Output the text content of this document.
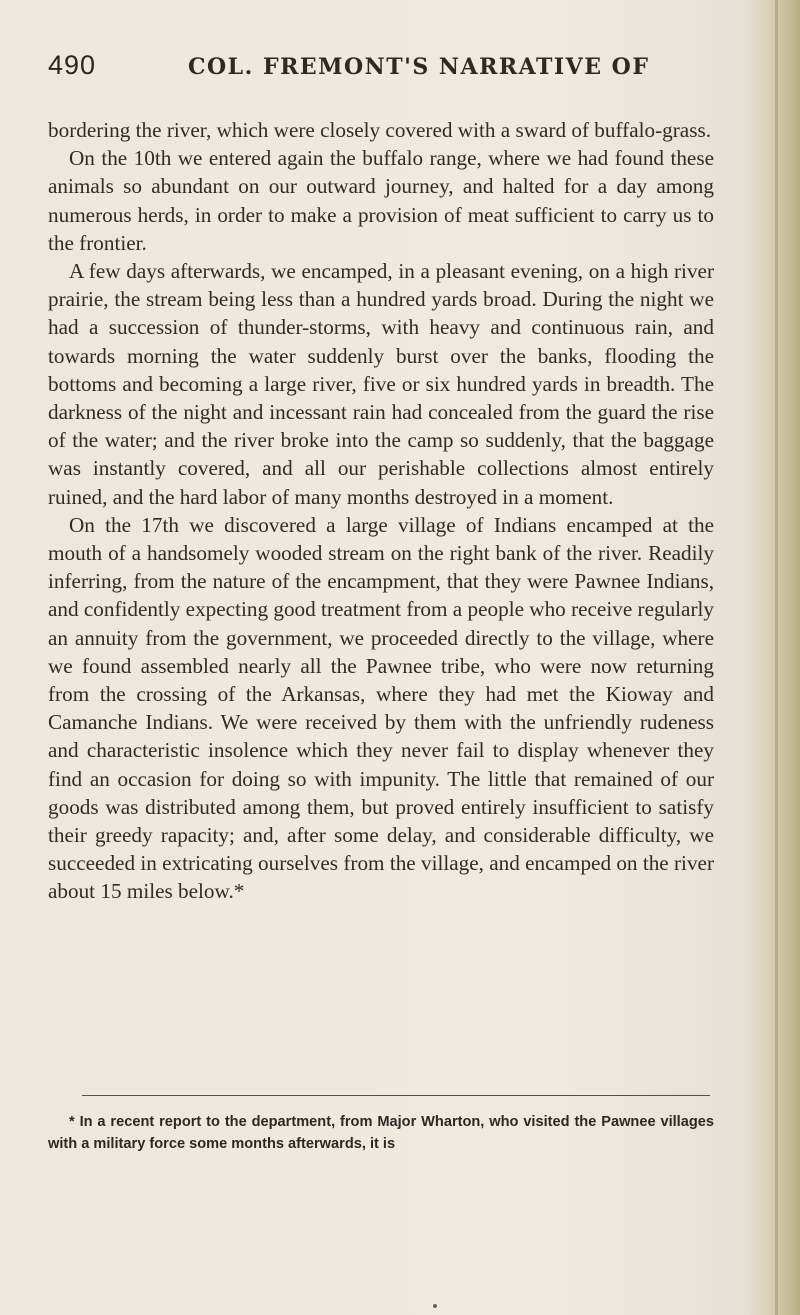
490	COL. FREMONT'S NARRATIVE OF

bordering the river, which were closely covered with a sward of buffalo-grass.

On the 10th we entered again the buffalo range, where we had found these animals so abundant on our outward journey, and halted for a day among numerous herds, in order to make a provision of meat sufficient to carry us to the frontier.

A few days afterwards, we encamped, in a pleasant evening, on a high river prairie, the stream being less than a hundred yards broad. During the night we had a succession of thunder-storms, with heavy and continuous rain, and towards morning the water suddenly burst over the banks, flooding the bottoms and becoming a large river, five or six hundred yards in breadth. The darkness of the night and incessant rain had concealed from the guard the rise of the water; and the river broke into the camp so suddenly, that the baggage was instantly covered, and all our perishable collections almost entirely ruined, and the hard labor of many months destroyed in a moment.

On the 17th we discovered a large village of Indians encamped at the mouth of a handsomely wooded stream on the right bank of the river. Readily inferring, from the nature of the encampment, that they were Pawnee Indians, and confidently expecting good treatment from a people who receive regularly an annuity from the government, we proceeded directly to the village, where we found assembled nearly all the Pawnee tribe, who were now returning from the crossing of the Arkansas, where they had met the Kioway and Camanche Indians. We were received by them with the unfriendly rudeness and characteristic insolence which they never fail to display whenever they find an occasion for doing so with impunity. The little that remained of our goods was distributed among them, but proved entirely insufficient to satisfy their greedy rapacity; and, after some delay, and considerable difficulty, we succeeded in extricating ourselves from the village, and encamped on the river about 15 miles below.*

* In a recent report to the department, from Major Wharton, who visited the Pawnee villages with a military force some months afterwards, it is
